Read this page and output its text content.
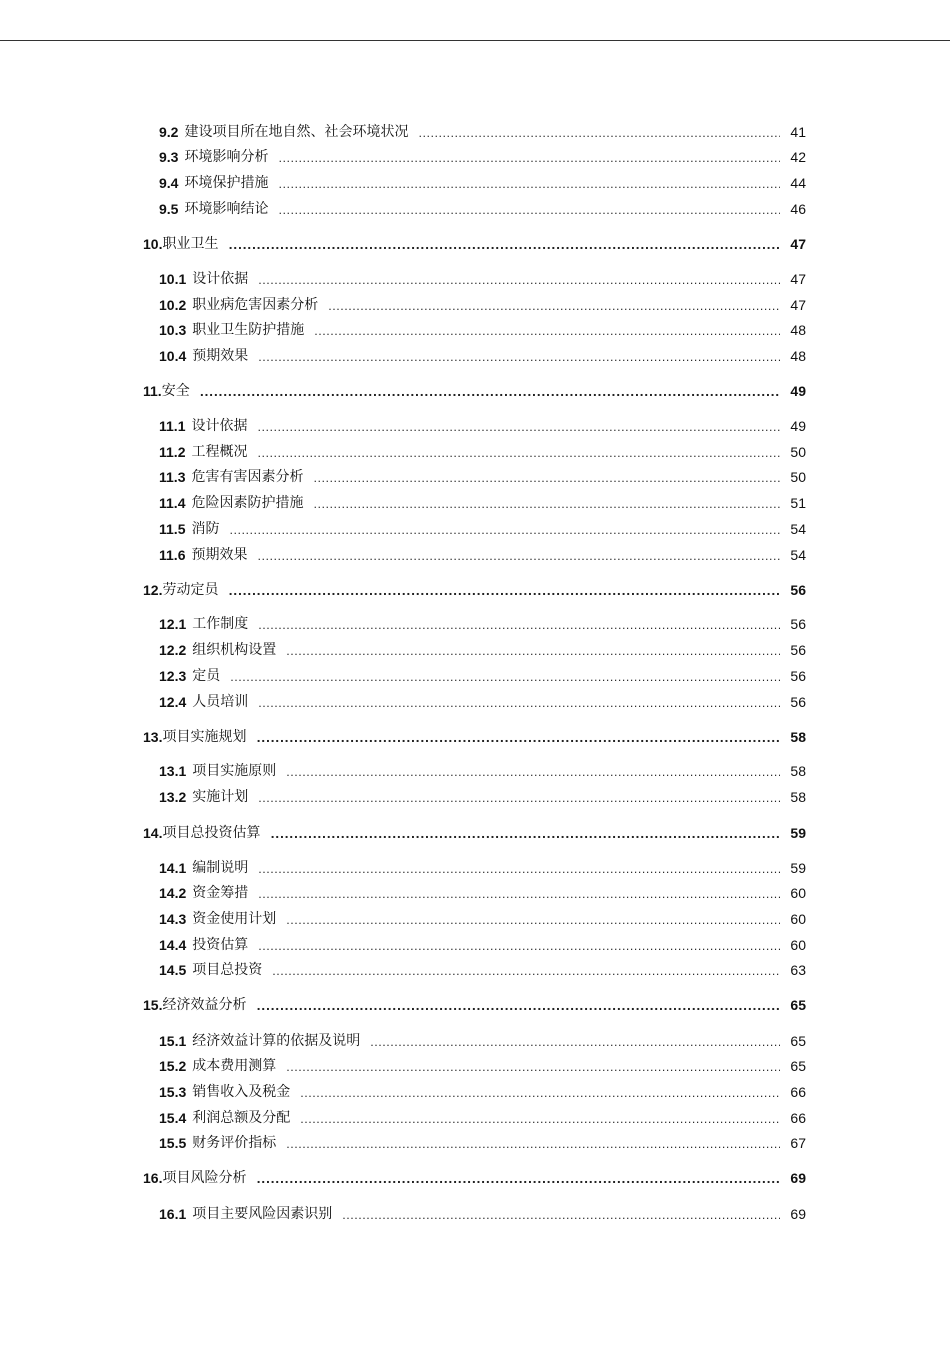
9.2 建设项目所在地自然、社会环境状况 .....	41
9.3 环境影响分析 .....	42
9.4 环境保护措施 .....	44
9.5 环境影响结论 .....	46
10. 职业卫生 .....	47
10.1 设计依据 .....	47
10.2 职业病危害因素分析 .....	47
10.3 职业卫生防护措施 .....	48
10.4 预期效果 .....	48
11. 安全 .....	49
11.1 设计依据 .....	49
11.2 工程概况 .....	50
11.3 危害有害因素分析 .....	50
11.4 危险因素防护措施 .....	51
11.5 消防 .....	54
11.6 预期效果 .....	54
12. 劳动定员 .....	56
12.1 工作制度 .....	56
12.2 组织机构设置 .....	56
12.3 定员 .....	56
12.4 人员培训 .....	56
13. 项目实施规划 .....	58
13.1 项目实施原则 .....	58
13.2 实施计划 .....	58
14. 项目总投资估算 .....	59
14.1 编制说明 .....	59
14.2 资金筹措 .....	60
14.3 资金使用计划 .....	60
14.4 投资估算 .....	60
14.5 项目总投资 .....	63
15. 经济效益分析 .....	65
15.1 经济效益计算的依据及说明 .....	65
15.2 成本费用测算 .....	65
15.3 销售收入及税金 .....	66
15.4 利润总额及分配 .....	66
15.5 财务评价指标 .....	67
16. 项目风险分析 .....	69
16.1 项目主要风险因素识别 .....	69
